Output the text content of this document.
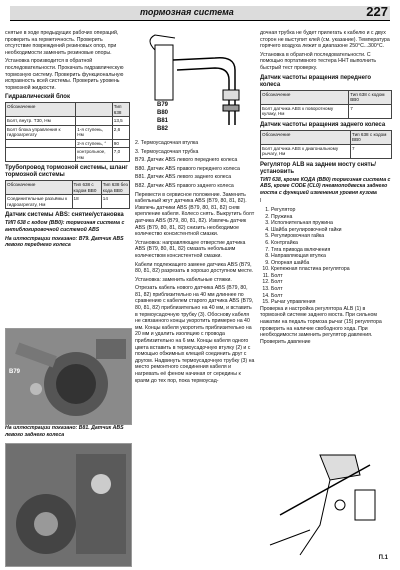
тормозная система	227

снятые в ходе предыдущих рабочих операций, проверить на герметичность. Проверить отсутствие повреждений резиновых опор, при необходимости заменить резиновые опоры.

Установка производится в обратной последовательности. Прокачать гидравлическую тормозную систему. Проверить функциональную исправность всей системы. Проверить уровень тормозной жидкости.

Гидравлический блок
Обозначение		Тип 638
Болт, внутр. T30, Нм		13,5
Болт блока управления к гидроагрегату	1-я ступень, Нм	2,6
	2-я ступень, °	90
	контрольное, Нм	7,0
Трубопровод тормозной системы, шланг тормозной системы
Обозначение	Тип 638 с кодом BB0	Тип 638 без кода BB0
Соединительные разъёмы к гидроагрегату, Нм	18	14
Датчик системы ABS: снятие/установка

ТИП 638 с кодом (BB0): тормозная система с антиблокировочной системой ABS

На иллюстрации показано: В79. Датчик ABS левого переднего колеса

B79

На иллюстрации показано: В81. Датчик ABS левого заднего колеса

B79
B80
B81
B82

2. Термоусадочная втулка

3. Термоусадочная трубка

B79. Датчик ABS левого переднего колеса

B80. Датчик ABS правого переднего колеса

B81. Датчик ABS левого заднего колеса

B82. Датчик ABS правого заднего колеса

Перевести в сервисное положение. Заменить кабельный жгут датчика ABS (B79, 80, 81, 82). Извлечь датчики ABS (B79, 80, 81, 82) сняв крепление кабеля. Колесо снять. Выкрутить болт датчика ABS (B79, 80, 81, 82). Извлечь датчик ABS (B79, 80, 81, 82) снизить необходимое количество консистентной смазки.

Установка: направляющее отверстие датчика ABS (B79, 80, 81, 82) смазать небольшим количеством консистентной смазки.

Кабели подлежащего замене датчика ABS (B79, 80, 81, 82) разрезать в хорошо доступном месте.

Установка: заменить кабельные стяжки.

Отрезать кабель нового датчика ABS (B79, 80, 81, 82) приблизительно на 40 мм длиннее по сравнению с кабелем старого датчика ABS (B79, 80, 81, 82) приблизительно на 40 мм, и вставить в термоусадочную трубку (3). Обоснову кабеля не связанного концы укоротить примерно на 40 мм. Концы кабеля укоротить приблизительно на 20 мм и удалить изоляцию с провода приблизительно на 6 мм. Концы кабеля одного цвета вставить в термоусадочную втулку (2) и с помощью обжимных клещей соединить друг с другом. Надвинуть термоусадочную трубку (3) на место ремонтного соединения кабеля и нагревать её феном начиная от середины к краям до тех пор, пока термоусад-

дочная трубка не будет прилегать к кабелю и с двух сторон не выступит клей (см. указание). Температура горячего воздуха лежит в диапазоне 250°С...300°С.

Установка в обратной последовательности. С помощью портативного тестера HHT выполнить быстрый тест проверку.

Датчик частоты вращения переднего колеса
Обозначение	Тип 638 с кодом BB0
Болт датчика ABS к поворотному кулаку, Нм	7
Датчик частоты вращения заднего колеса
Обозначение	Тип 638 с кодом BB0
Болт датчика ABS к диагональному рычагу, Нм	7
Регулятор ALB на заднем мосту снять/установить

ТИП 638, кроме КОДА (BB0) тормозная система с ABS, кроме CODE (CL0) пневмоподвеска заднего моста с функцией изменения уровня кузова

I

1. Регулятор
2. Пружина
3. Исполнительная пружина
4. Шайба регулировочной гайки
5. Регулировочная гайка
6. Контргайка
7. Тяга привода включения
8. Направляющая втулка
9. Опорная шайба
10. Крепежная пластина регулятора
11. Болт
12. Болт
13. Болт
14. Болт
15. Рычаг управления

Проверка и настройка регулятора ALB (1) в тормозной системе заднего моста. При сильном нажатии на педаль тормоза рычаг (15) регулятора проверить на наличие свободного хода. При необходимости заменить регулятор давления. Проверить давление

П.1
